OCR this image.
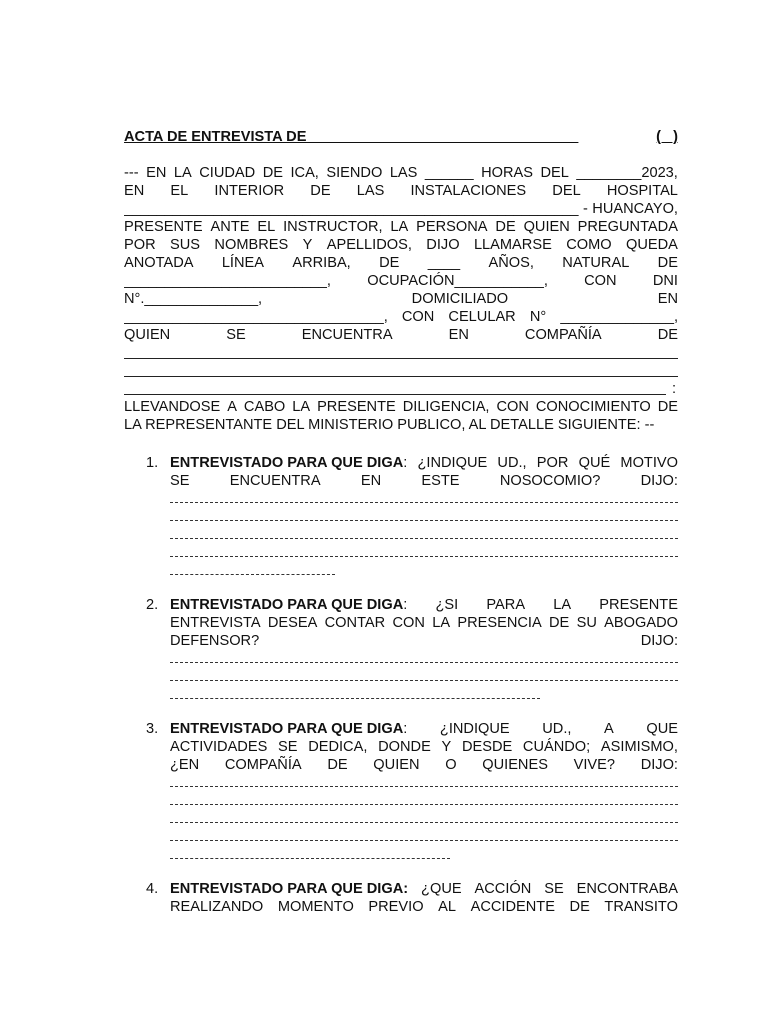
ACTA DE ENTREVISTA DE _________________________________	(   )
--- EN LA CIUDAD DE ICA, SIENDO LAS ______ HORAS DEL ________2023,
EN EL INTERIOR DE LAS INSTALACIONES DEL HOSPITAL
________________________________________________________ - HUANCAYO,
PRESENTE ANTE EL INSTRUCTOR, LA PERSONA DE QUIEN PREGUNTADA
POR SUS NOMBRES Y APELLIDOS, DIJO LLAMARSE COMO QUEDA
ANOTADA LÍNEA ARRIBA, DE ____ AÑOS, NATURAL DE
_________________________, OCUPACIÓN___________, CON DNI
N°.______________,	DOMICILIADO	EN
________________________________, CON CELULAR N° ______________,
QUIEN	SE	ENCUENTRA	EN	COMPAÑÍA	DE
:
LLEVANDOSE A CABO LA PRESENTE DILIGENCIA, CON CONOCIMIENTO DE
LA REPRESENTANTE DEL MINISTERIO PUBLICO, AL DETALLE SIGUIENTE: --
1. ENTREVISTADO PARA QUE DIGA: ¿INDIQUE UD., POR QUÉ MOTIVO
SE	ENCUENTRA	EN	ESTE	NOSOCOMIO?	DIJO:
2. ENTREVISTADO PARA QUE DIGA: ¿SI PARA LA PRESENTE
ENTREVISTA DESEA CONTAR CON LA PRESENCIA DE SU ABOGADO
DEFENSOR?	DIJO:
3. ENTREVISTADO PARA QUE DIGA: ¿INDIQUE UD., A QUE
ACTIVIDADES SE DEDICA, DONDE Y DESDE CUÁNDO; ASIMISMO,
¿EN COMPAÑÍA DE QUIEN O QUIENES VIVE? DIJO:
4. ENTREVISTADO PARA QUE DIGA: ¿QUE ACCIÓN SE ENCONTRABA
REALIZANDO MOMENTO PREVIO AL ACCIDENTE DE TRANSITO
